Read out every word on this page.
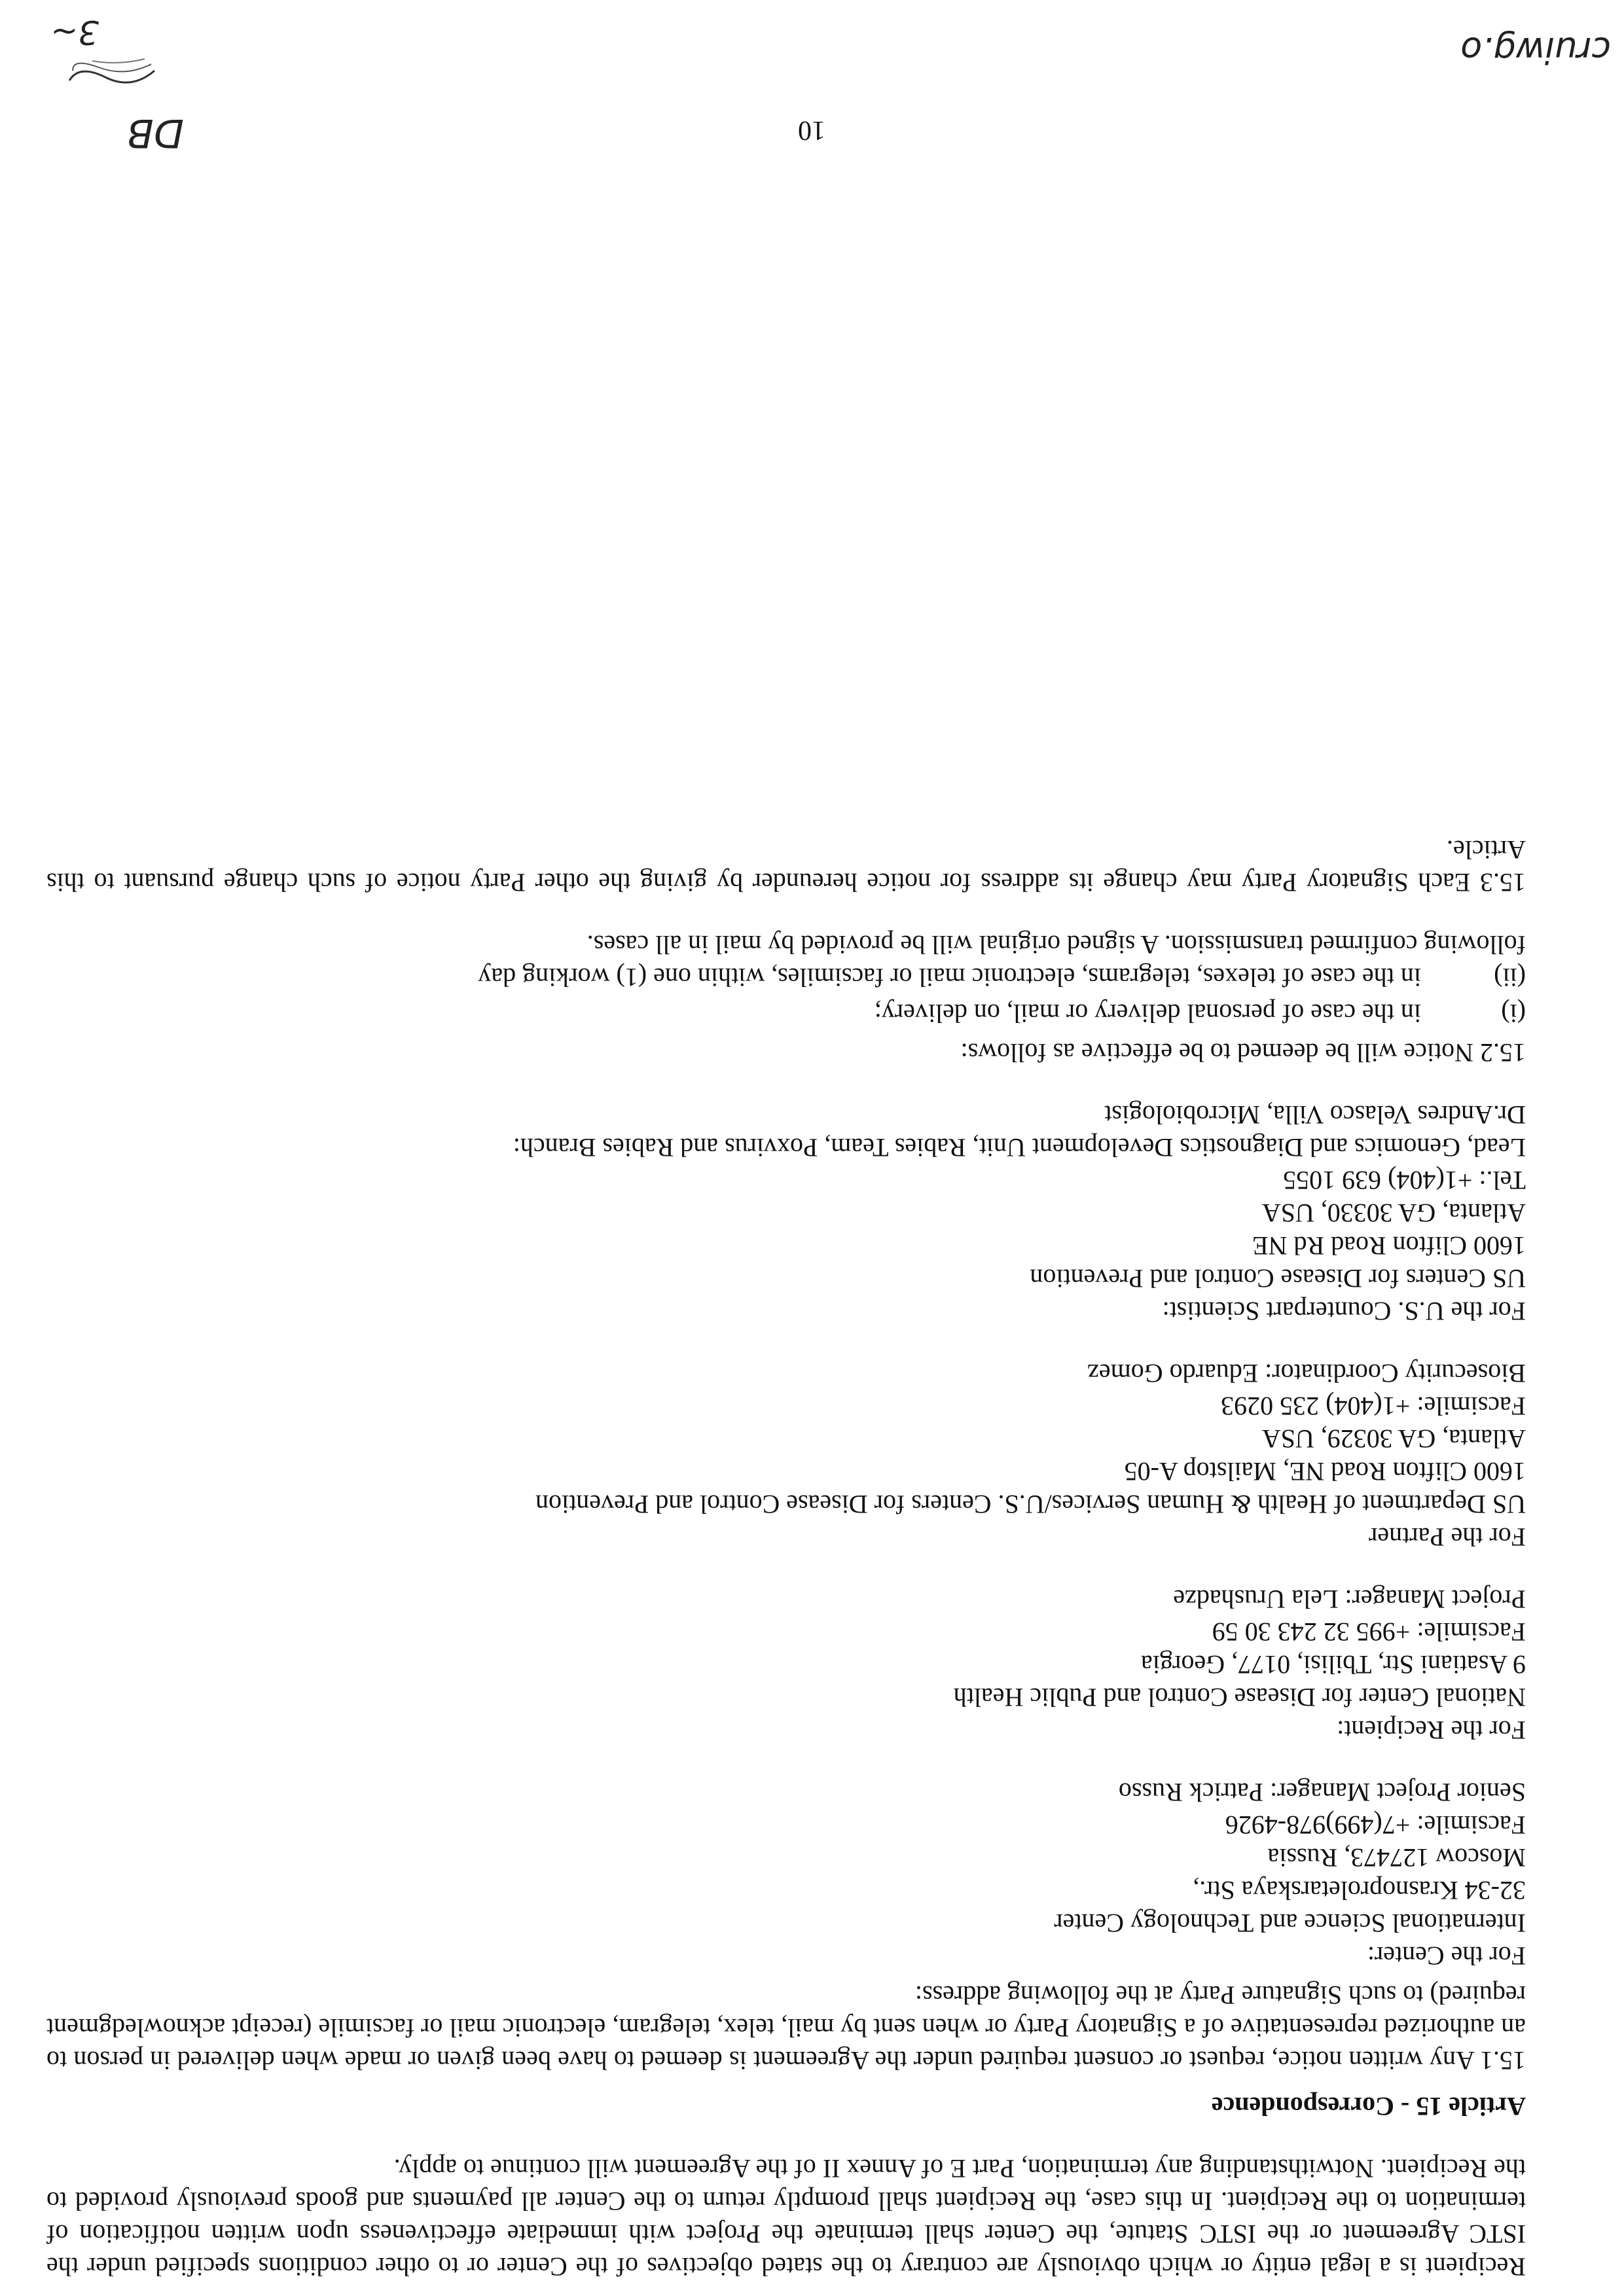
DB	10
cruiwg.o
3~
Recipient is a legal entity or which obviously are contrary to the stated objectives of the Center or to other conditions specified under the ISTC Agreement or the ISTC Statute, the Center shall terminate the Project with immediate effectiveness upon written notification of termination to the Recipient. In this case, the Recipient shall promptly return to the Center all payments and goods previously provided to the Recipient. Notwithstanding any termination, Part E of Annex II of the Agreement will continue to apply.
Article 15 - Correspondence
15.1 Any written notice, request or consent required under the Agreement is deemed to have been given or made when delivered in person to an authorized representative of a Signatory Party or when sent by mail, telex, telegram, electronic mail or facsimile (receipt acknowledgment required) to such Signature Party at the following address:
For the Center:
International Science and Technology Center
32-34 Krasnoproletarskaya Str.,
Moscow 127473, Russia
Facsimile: +7(499)978-4926
Senior Project Manager: Patrick Russo
For the Recipient:
National Center for Disease Control and Public Health
9 Asatiani Str, Tbilisi, 0177, Georgia
Facsimile: +995 32 243 30 59
Project Manager: Lela Urushadze
For the Partner
US Department of Health & Human Services/U.S. Centers for Disease Control and Prevention
1600 Clifton Road NE, Mailstop A-05
Atlanta, GA 30329, USA
Facsimile: +1(404) 235 0293
Biosecurity Coordinator: Eduardo Gomez
For the U.S. Counterpart Scientist:
US Centers for Disease Control and Prevention
1600 Clifton Road Rd NE
Atlanta, GA 30330, USA
Tel.: +1(404) 639 1055
Lead, Genomics and Diagnostics Development Unit, Rabies Team, Poxvirus and Rabies Branch:
Dr.Andres Velasco Villa, Microbiologist
15.2 Notice will be deemed to be effective as follows:
(i)
in the case of personal delivery or mail, on delivery;
(ii)
in the case of telexes, telegrams, electronic mail or facsimiles, within one (1) working day
following confirmed transmission. A signed original will be provided by mail in all cases.
15.3 Each Signatory Party may change its address for notice hereunder by giving the other Party notice of such change pursuant to this Article.
